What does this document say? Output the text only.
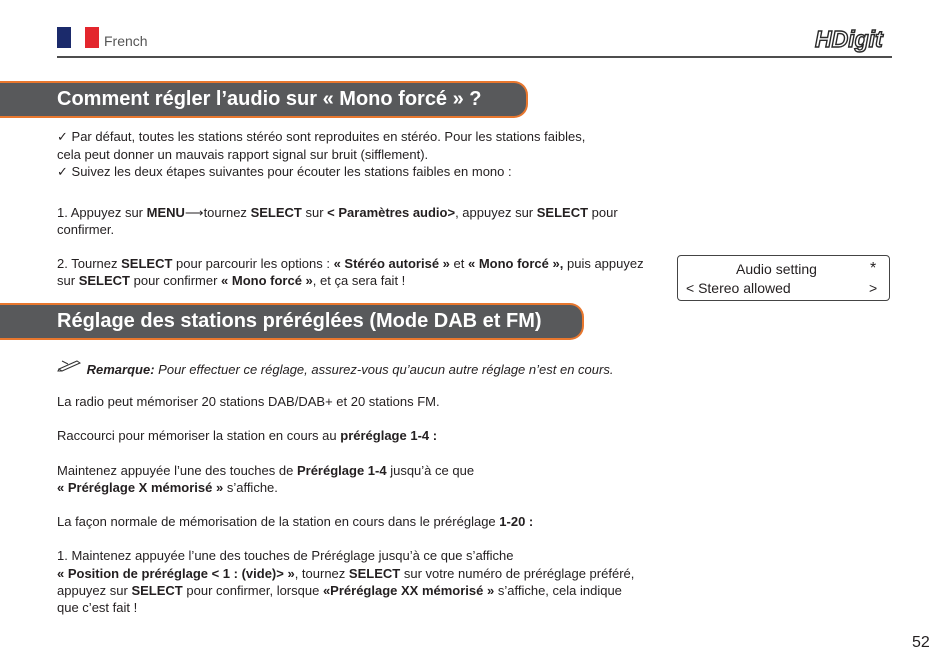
French	HDigit
Comment régler l’audio sur « Mono forcé » ?
✓ Par défaut, toutes les stations stéréo sont reproduites en stéréo. Pour les stations faibles,
cela peut donner un mauvais rapport signal sur bruit (sifflement).
✓ Suivez les deux étapes suivantes pour écouter les stations faibles en mono :
1. Appuyez sur MENU⟶tournez SELECT sur < Paramètres audio>, appuyez sur SELECT pour
confirmer.
2. Tournez SELECT pour parcourir les options : « Stéréo autorisé » et « Mono forcé », puis appuyez
sur SELECT pour confirmer « Mono forcé », et ça sera fait !
Audio setting	*
< Stereo allowed	>
Réglage des stations préréglées (Mode DAB et FM)
Remarque: Pour effectuer ce réglage, assurez-vous qu’aucun autre réglage n’est en cours.
La radio peut mémoriser 20 stations DAB/DAB+ et 20 stations FM.
Raccourci pour mémoriser la station en cours au préréglage 1-4 :
Maintenez appuyée l’une des touches de Préréglage 1-4 jusqu’à ce que
« Préréglage X mémorisé » s’affiche.
La façon normale de mémorisation de la station en cours dans le préréglage 1-20 :
1. Maintenez appuyée l’une des touches de Préréglage jusqu’à ce que s’affiche
« Position de préréglage < 1 : (vide)> », tournez SELECT sur votre numéro de préréglage préféré,
appuyez sur SELECT pour confirmer, lorsque «Préréglage XX mémorisé » s’affiche, cela indique
que c’est fait !
52
